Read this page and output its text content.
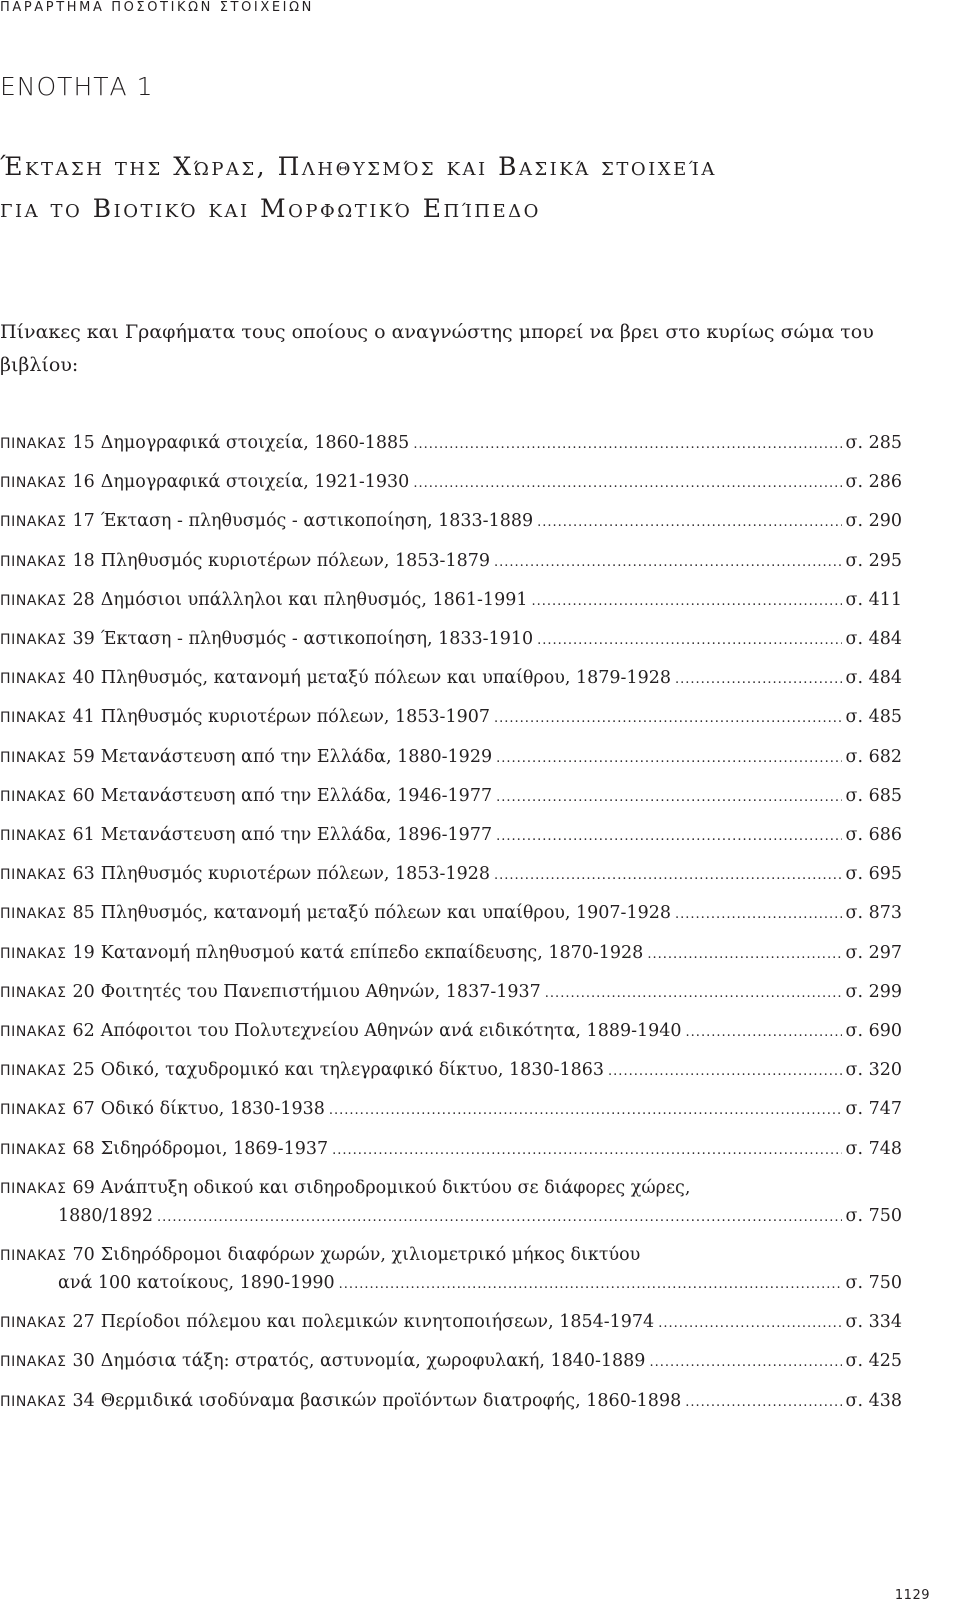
ΠΑΡΑΡΤΗΜΑ ΠΟΣΟΤΙΚΩΝ ΣΤΟΙΧΕΙΩΝ
ΕΝΟΤΗΤΑ 1
Έκταση της Χώρας, Πληθυσμός και Βασικά στοιχεία
για το Βιοτικό και Μορφωτικό Επίπεδο

Πίνακες και Γραφήματα τους οποίους ο αναγνώστης μπορεί να βρει στο κυρίως σώμα του βιβλίου:

ΠΙΝΑΚΑΣ 15 Δημογραφικά στοιχεία, 1860-1885 .....	σ. 285
ΠΙΝΑΚΑΣ 16 Δημογραφικά στοιχεία, 1921-1930 .....	σ. 286
ΠΙΝΑΚΑΣ 17 Έκταση - πληθυσμός - αστικοποίηση, 1833-1889 .....	σ. 290
ΠΙΝΑΚΑΣ 18 Πληθυσμός κυριοτέρων πόλεων, 1853-1879 .....	σ. 295
ΠΙΝΑΚΑΣ 28 Δημόσιοι υπάλληλοι και πληθυσμός, 1861-1991 .....	σ. 411
ΠΙΝΑΚΑΣ 39 Έκταση - πληθυσμός - αστικοποίηση, 1833-1910 .....	σ. 484
ΠΙΝΑΚΑΣ 40 Πληθυσμός, κατανομή μεταξύ πόλεων και υπαίθρου, 1879-1928 .....	σ. 484
ΠΙΝΑΚΑΣ 41 Πληθυσμός κυριοτέρων πόλεων, 1853-1907 .....	σ. 485
ΠΙΝΑΚΑΣ 59 Μετανάστευση από την Ελλάδα, 1880-1929 .....	σ. 682
ΠΙΝΑΚΑΣ 60 Μετανάστευση από την Ελλάδα, 1946-1977 .....	σ. 685
ΠΙΝΑΚΑΣ 61 Μετανάστευση από την Ελλάδα, 1896-1977 .....	σ. 686
ΠΙΝΑΚΑΣ 63 Πληθυσμός κυριοτέρων πόλεων, 1853-1928 .....	σ. 695
ΠΙΝΑΚΑΣ 85 Πληθυσμός, κατανομή μεταξύ πόλεων και υπαίθρου, 1907-1928 .....	σ. 873
ΠΙΝΑΚΑΣ 19 Κατανομή πληθυσμού κατά επίπεδο εκπαίδευσης, 1870-1928 .....	σ. 297
ΠΙΝΑΚΑΣ 20 Φοιτητές του Πανεπιστήμιου Αθηνών, 1837-1937 .....	σ. 299
ΠΙΝΑΚΑΣ 62 Απόφοιτοι του Πολυτεχνείου Αθηνών ανά ειδικότητα, 1889-1940 .....	σ. 690
ΠΙΝΑΚΑΣ 25 Οδικό, ταχυδρομικό και τηλεγραφικό δίκτυο, 1830-1863 .....	σ. 320
ΠΙΝΑΚΑΣ 67 Οδικό δίκτυο, 1830-1938 .....	σ. 747
ΠΙΝΑΚΑΣ 68 Σιδηρόδρομοι, 1869-1937 .....	σ. 748
ΠΙΝΑΚΑΣ 69 Ανάπτυξη οδικού και σιδηροδρομικού δικτύου σε διάφορες χώρες,
1880/1892 .....	σ. 750
ΠΙΝΑΚΑΣ 70 Σιδηρόδρομοι διαφόρων χωρών, χιλιομετρικό μήκος δικτύου
ανά 100 κατοίκους, 1890-1990 .....	σ. 750
ΠΙΝΑΚΑΣ 27 Περίοδοι πόλεμου και πολεμικών κινητοποιήσεων, 1854-1974 .....	σ. 334
ΠΙΝΑΚΑΣ 30 Δημόσια τάξη: στρατός, αστυνομία, χωροφυλακή, 1840-1889 .....	σ. 425
ΠΙΝΑΚΑΣ 34 Θερμιδικά ισοδύναμα βασικών προϊόντων διατροφής, 1860-1898 .....	σ. 438
1129
